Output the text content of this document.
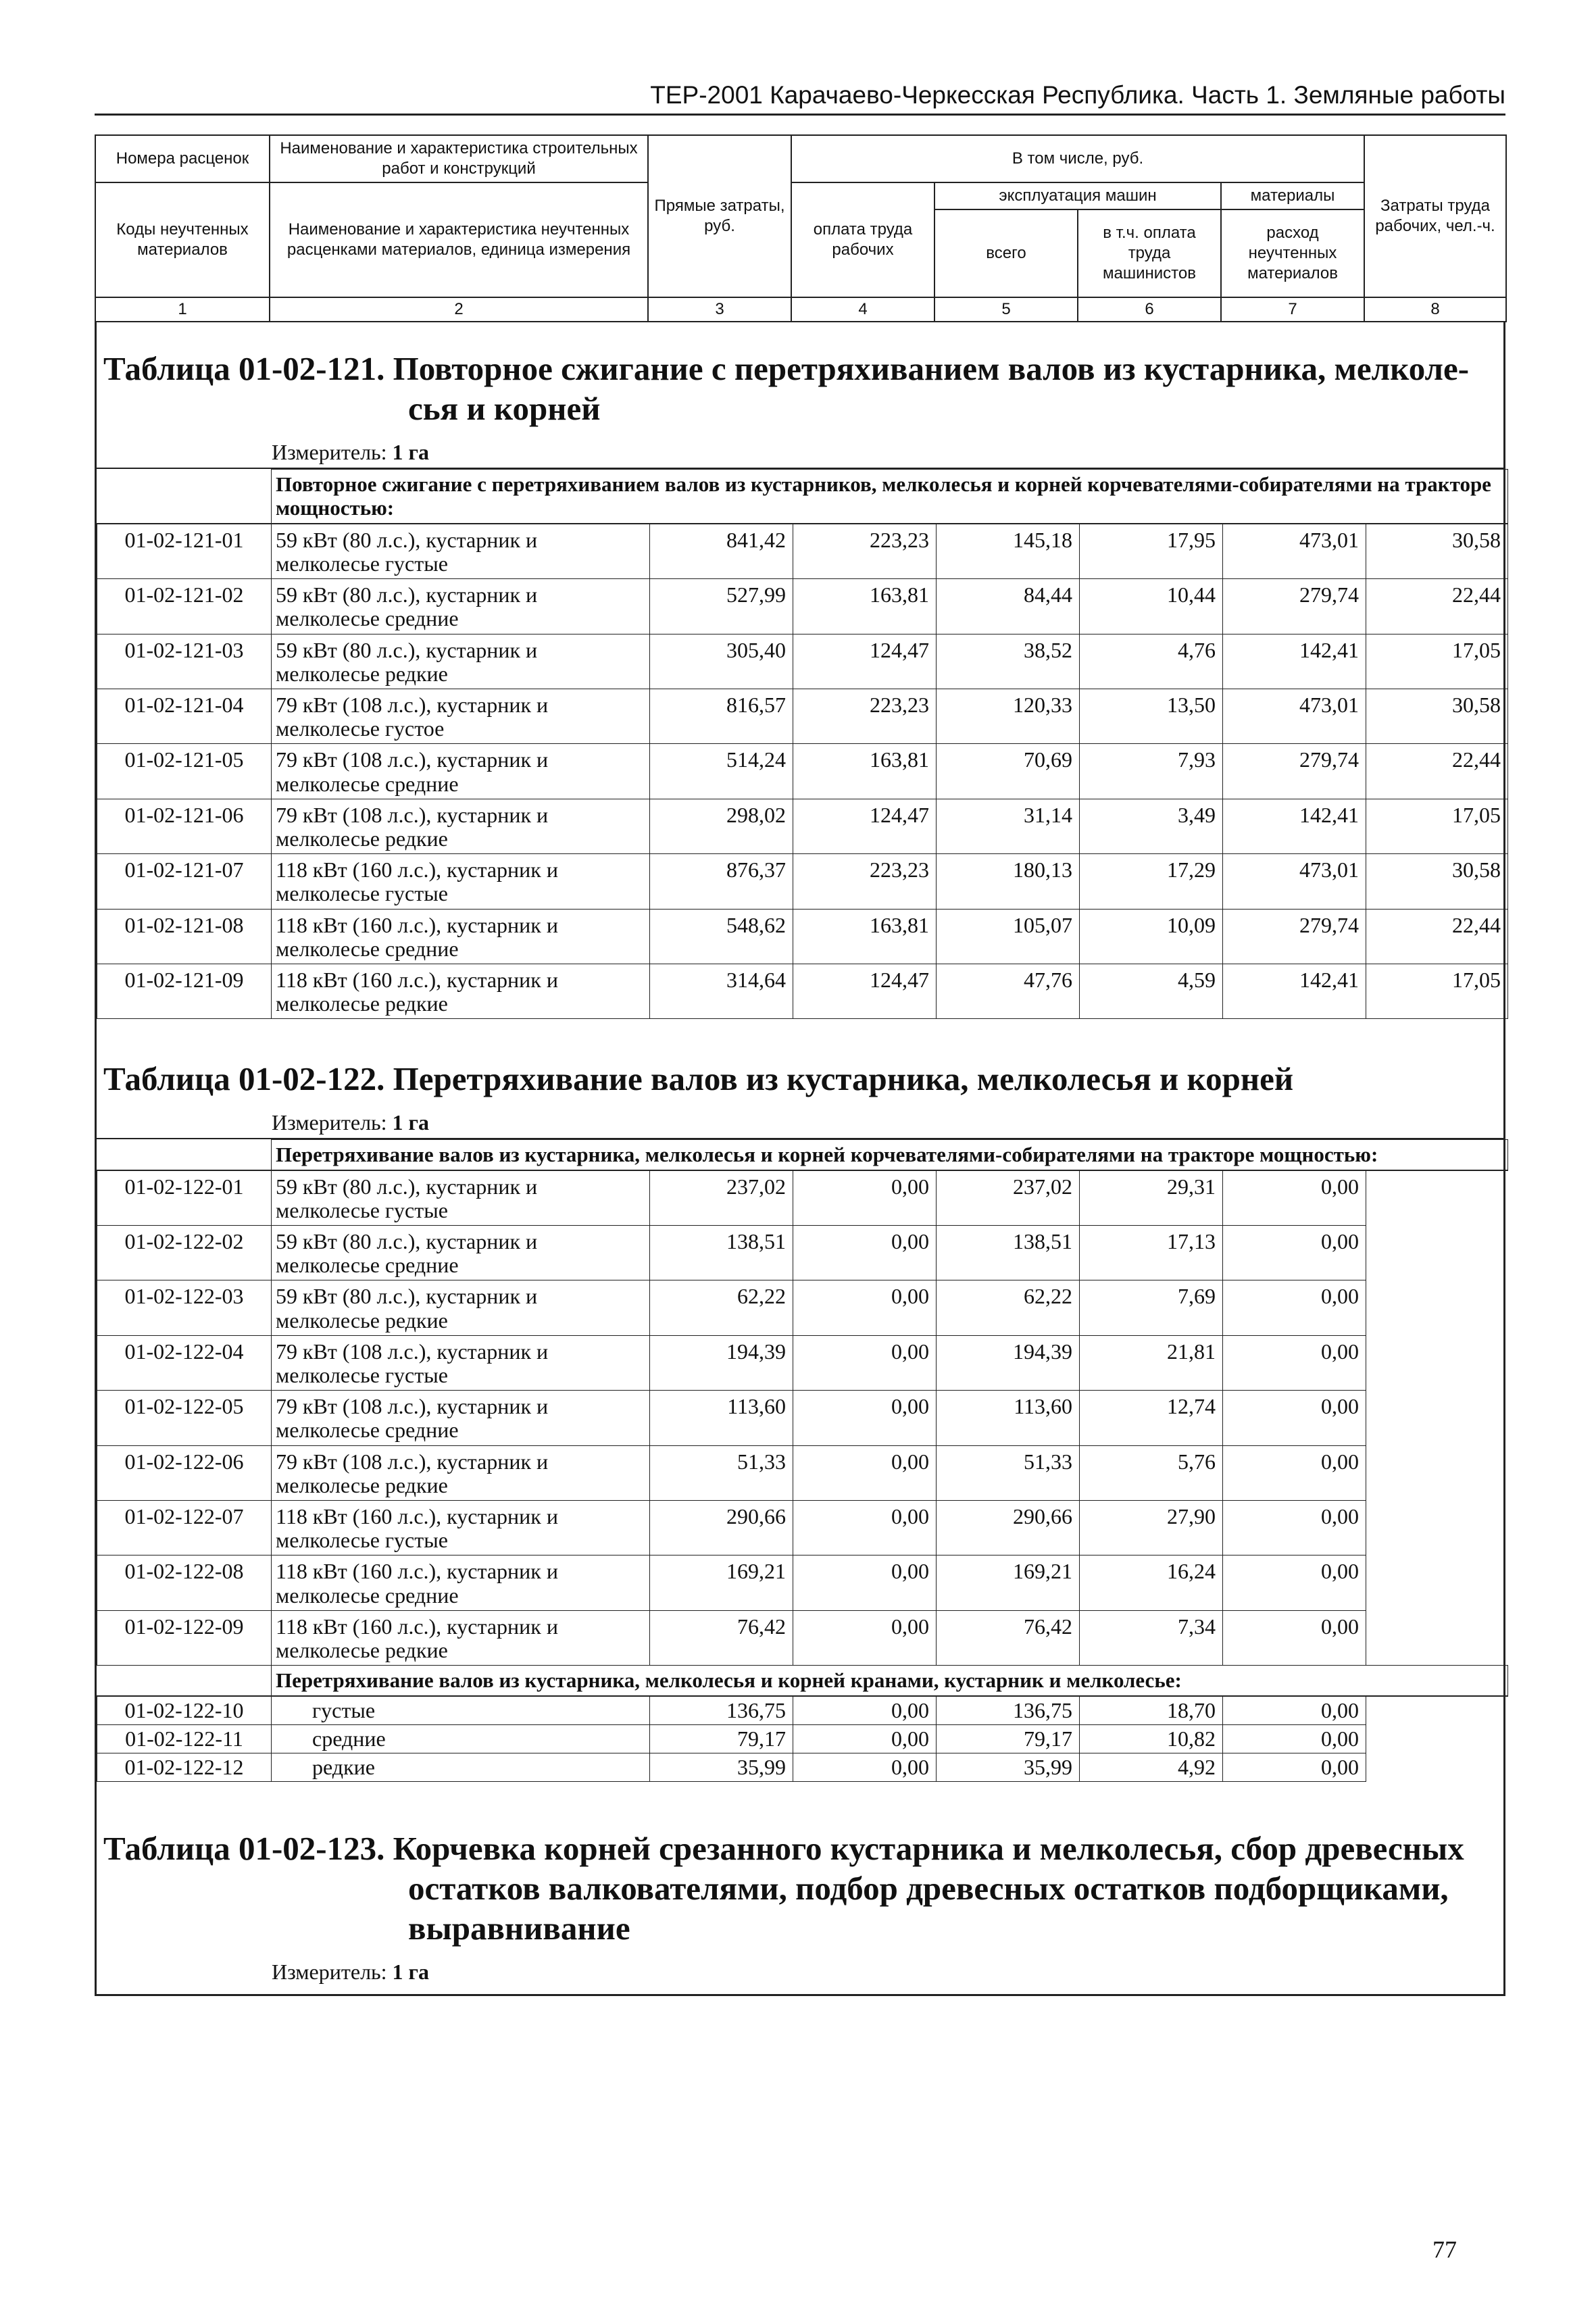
ТЕР-2001 Карачаево-Черкесская Республика. Часть 1. Земляные работы
Номера расценок	Наименование и характеристика строительных работ и конструкций	Прямые затраты, руб.	В том числе, руб.				Затраты труда рабочих, чел.-ч.
Коды неучтенных материалов	Наименование и характеристика неучтенных расценками материалов, единица измерения		оплата труда рабочих	эксплуатация машин		материалы	
				всего	в т.ч. оплата труда машинистов	расход неучтенных материалов	
1	2	3	4	5	6	7	8
Таблица 01-02-121. Повторное сжигание с перетряхиванием валов из кустарника, мелколе-
сья и корней
Измеритель: 1 га
	Повторное сжигание с перетряхиванием валов из кустарников, мелколесья и корней корчевателями-собирателями на тракторе мощностью:						
01-02-121-01	59 кВт (80 л.с.), кустарник и мелколесье густые	841,42	223,23	145,18	17,95	473,01	30,58
01-02-121-02	59 кВт (80 л.с.), кустарник и мелколесье средние	527,99	163,81	84,44	10,44	279,74	22,44
01-02-121-03	59 кВт (80 л.с.), кустарник и мелколесье редкие	305,40	124,47	38,52	4,76	142,41	17,05
01-02-121-04	79 кВт (108 л.с.), кустарник и мелколесье густое	816,57	223,23	120,33	13,50	473,01	30,58
01-02-121-05	79 кВт (108 л.с.), кустарник и мелколесье средние	514,24	163,81	70,69	7,93	279,74	22,44
01-02-121-06	79 кВт (108 л.с.), кустарник и мелколесье редкие	298,02	124,47	31,14	3,49	142,41	17,05
01-02-121-07	118 кВт (160 л.с.), кустарник и мелколесье густые	876,37	223,23	180,13	17,29	473,01	30,58
01-02-121-08	118 кВт (160 л.с.), кустарник и мелколесье средние	548,62	163,81	105,07	10,09	279,74	22,44
01-02-121-09	118 кВт (160 л.с.), кустарник и мелколесье редкие	314,64	124,47	47,76	4,59	142,41	17,05
Таблица 01-02-122. Перетряхивание валов из кустарника, мелколесья и корней
Измеритель: 1 га
	Перетряхивание валов из кустарника, мелколесья и корней корчевателями-собирателями на тракторе мощностью:						
01-02-122-01	59 кВт (80 л.с.), кустарник и мелколесье густые	237,02	0,00	237,02	29,31	0,00	
01-02-122-02	59 кВт (80 л.с.), кустарник и мелколесье средние	138,51	0,00	138,51	17,13	0,00	
01-02-122-03	59 кВт (80 л.с.), кустарник и мелколесье редкие	62,22	0,00	62,22	7,69	0,00	
01-02-122-04	79 кВт (108 л.с.), кустарник и мелколесье густые	194,39	0,00	194,39	21,81	0,00	
01-02-122-05	79 кВт (108 л.с.), кустарник и мелколесье средние	113,60	0,00	113,60	12,74	0,00	
01-02-122-06	79 кВт (108 л.с.), кустарник и мелколесье редкие	51,33	0,00	51,33	5,76	0,00	
01-02-122-07	118 кВт (160 л.с.), кустарник и мелколесье густые	290,66	0,00	290,66	27,90	0,00	
01-02-122-08	118 кВт (160 л.с.), кустарник и мелколесье средние	169,21	0,00	169,21	16,24	0,00	
01-02-122-09	118 кВт (160 л.с.), кустарник и мелколесье редкие	76,42	0,00	76,42	7,34	0,00	
	Перетряхивание валов из кустарника, мелколесья и корней кранами, кустарник и мелколесье:						
01-02-122-10	густые	136,75	0,00	136,75	18,70	0,00	
01-02-122-11	средние	79,17	0,00	79,17	10,82	0,00	
01-02-122-12	редкие	35,99	0,00	35,99	4,92	0,00	
Таблица 01-02-123. Корчевка корней срезанного кустарника и мелколесья, сбор древесных
остатков валкователями, подбор древесных остатков подборщиками, выравнивание
Измеритель: 1 га
77
